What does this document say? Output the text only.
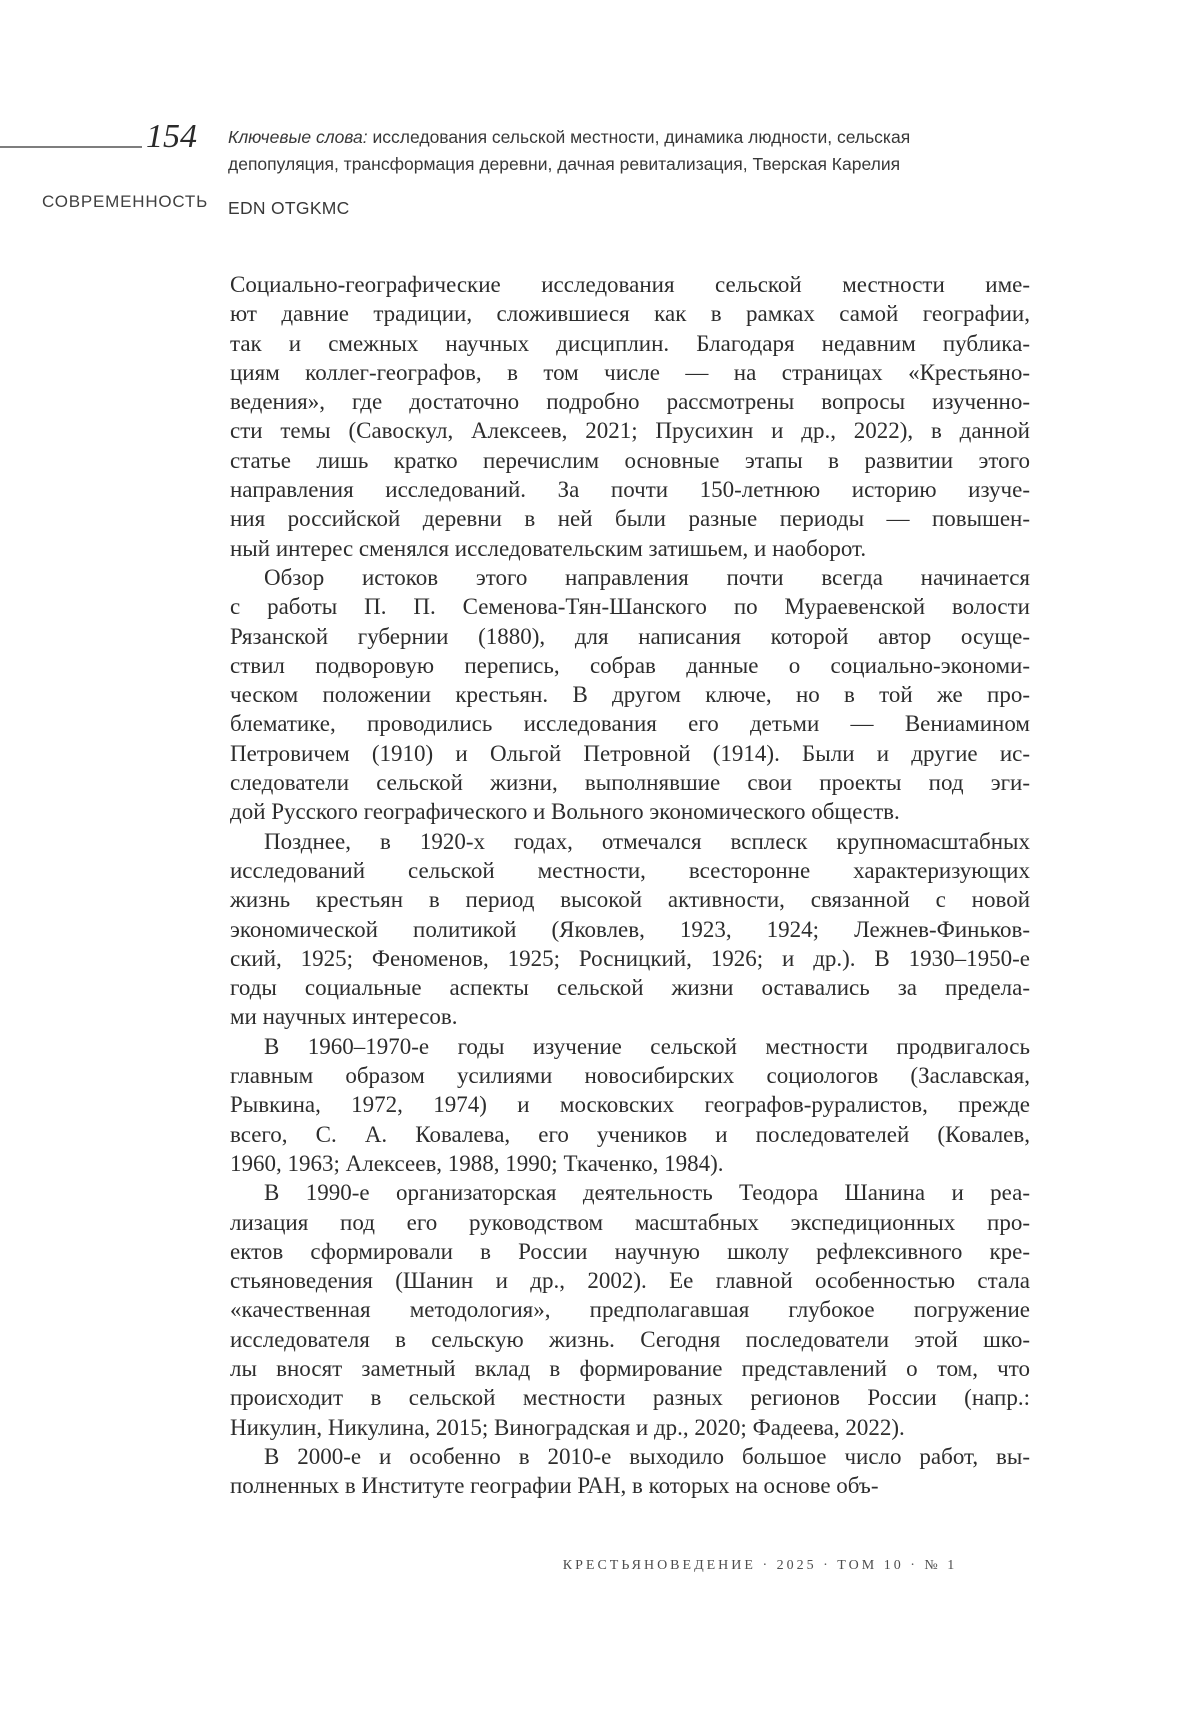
154
СОВРЕМЕННОСТЬ
Ключевые слова: исследования сельской местности, динамика людности, сельская депопуляция, трансформация деревни, дачная ревитализация, Тверская Карелия
EDN OTGKMC
Социально-географические исследования сельской местности име-
ют давние традиции, сложившиеся как в рамках самой географии,
так и смежных научных дисциплин. Благодаря недавним публика-
циям коллег-географов, в том числе — на страницах «Крестьяно-
ведения», где достаточно подробно рассмотрены вопросы изученно-
сти темы (Савоскул, Алексеев, 2021; Прусихин и др., 2022), в данной
статье лишь кратко перечислим основные этапы в развитии этого
направления исследований. За почти 150-летнюю историю изуче-
ния российской деревни в ней были разные периоды — повышен-
ный интерес сменялся исследовательским затишьем, и наоборот.
Обзор истоков этого направления почти всегда начинается
с работы П. П. Семенова-Тян-Шанского по Мураевенской волости
Рязанской губернии (1880), для написания которой автор осуще-
ствил подворовую перепись, собрав данные о социально-экономи-
ческом положении крестьян. В другом ключе, но в той же про-
блематике, проводились исследования его детьми — Вениамином
Петровичем (1910) и Ольгой Петровной (1914). Были и другие ис-
следователи сельской жизни, выполнявшие свои проекты под эги-
дой Русского географического и Вольного экономического обществ.
Позднее, в 1920-х годах, отмечался всплеск крупномасштабных
исследований сельской местности, всесторонне характеризующих
жизнь крестьян в период высокой активности, связанной с новой
экономической политикой (Яковлев, 1923, 1924; Лежнев-Финьков-
ский, 1925; Феноменов, 1925; Росницкий, 1926; и др.). В 1930–1950-е
годы социальные аспекты сельской жизни оставались за предела-
ми научных интересов.
В 1960–1970-е годы изучение сельской местности продвигалось
главным образом усилиями новосибирских социологов (Заславская,
Рывкина, 1972, 1974) и московских географов-руралистов, прежде
всего, С. А. Ковалева, его учеников и последователей (Ковалев,
1960, 1963; Алексеев, 1988, 1990; Ткаченко, 1984).
В 1990-е организаторская деятельность Теодора Шанина и реа-
лизация под его руководством масштабных экспедиционных про-
ектов сформировали в России научную школу рефлексивного кре-
стьяноведения (Шанин и др., 2002). Ее главной особенностью стала
«качественная методология», предполагавшая глубокое погружение
исследователя в сельскую жизнь. Сегодня последователи этой шко-
лы вносят заметный вклад в формирование представлений о том, что
происходит в сельской местности разных регионов России (напр.:
Никулин, Никулина, 2015; Виноградская и др., 2020; Фадеева, 2022).
В 2000-е и особенно в 2010-е выходило большое число работ, вы-
полненных в Институте географии РАН, в которых на основе объ-
КРЕСТЬЯНОВЕДЕНИЕ · 2025 · ТОМ 10 · № 1
